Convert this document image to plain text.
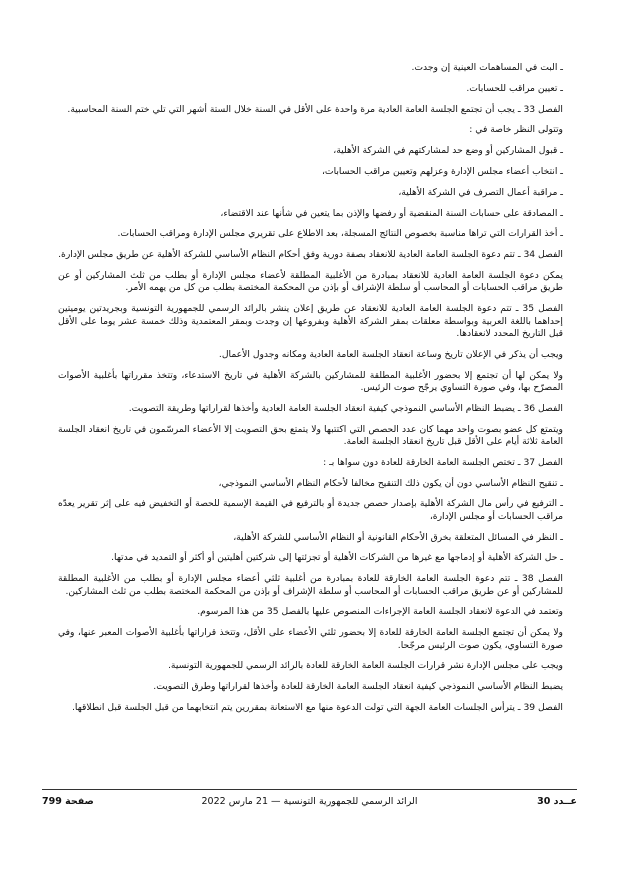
ـ البت في المساهمات العينية إن وجدت.

ـ تعيين مراقب للحسابات.

الفصل 33 ـ يجب أن تجتمع الجلسة العامة العادية مرة واحدة على الأقل في السنة خلال الستة أشهر التي تلي ختم السنة المحاسبية.

وتتولى النظر خاصة في :

ـ قبول المشاركين أو وضع حد لمشاركتهم في الشركة الأهلية،

ـ انتخاب أعضاء مجلس الإدارة وعزلهم وتعيين مراقب الحسابات،

ـ مراقبة أعمال التصرف في الشركة الأهلية،

ـ المصادقة على حسابات السنة المنقضية أو رفضها والإذن بما يتعين في شأنها عند الاقتضاء،

ـ أخذ القرارات التي تراها مناسبة بخصوص النتائج المسجلة، بعد الاطلاع على تقريري مجلس الإدارة ومراقب الحسابات.

الفصل 34 ـ تتم دعوة الجلسة العامة العادية للانعقاد بصفة دورية وفق أحكام النظام الأساسي للشركة الأهلية عن طريق مجلس الإدارة.

يمكن دعوة الجلسة العامة العادية للانعقاد بمبادرة من الأغلبية المطلقة لأعضاء مجلس الإدارة أو بطلب من ثلث المشاركين أو عن طريق مراقب الحسابات أو المحاسب أو سلطة الإشراف أو بإذن من المحكمة المختصة بطلب من كل من يهمه الأمر.

الفصل 35 ـ تتم دعوة الجلسة العامة العادية للانعقاد عن طريق إعلان ينشر بالرائد الرسمي للجمهورية التونسية وبجريدتين يوميتين إحداهما باللغة العربية وبواسطة معلقات بمقر الشركة الأهلية وبفروعها إن وجدت وبمقر المعتمدية وذلك خمسة عشر يوما على الأقل قبل التاريخ المحدد لانعقادها.

ويجب أن يذكر في الإعلان تاريخ وساعة انعقاد الجلسة العامة العادية ومكانه وجدول الأعمال.

ولا يمكن لها أن تجتمع إلا بحضور الأغلبية المطلقة للمشاركين بالشركة الأهلية في تاريخ الاستدعاء، وتتخذ مقرراتها بأغلبية الأصوات المصرّح بها، وفي صورة التساوي يرجّح صوت الرئيس.

الفصل 36 ـ يضبط النظام الأساسي النموذجي كيفية انعقاد الجلسة العامة العادية وأخذها لقراراتها وطريقة التصويت.

ويتمتع كل عضو بصوت واحد مهما كان عدد الحصص التي اكتتبها ولا يتمتع بحق التصويت إلا الأعضاء المرسّمون في تاريخ انعقاد الجلسة العامة ثلاثة أيام على الأقل قبل تاريخ انعقاد الجلسة العامة.

الفصل 37 ـ تختص الجلسة العامة الخارقة للعادة دون سواها بـ :

ـ تنقيح النظام الأساسي دون أن يكون ذلك التنقيح مخالفا لأحكام النظام الأساسي النموذجي،

ـ الترفيع في رأس مال الشركة الأهلية بإصدار حصص جديدة أو بالترفيع في القيمة الإسمية للحصة أو التخفيض فيه على إثر تقرير يعدّه مراقب الحسابات أو مجلس الإدارة،

ـ النظر في المسائل المتعلقة بخرق الأحكام القانونية أو النظام الأساسي للشركة الأهلية،

ـ حل الشركة الأهلية أو إدماجها مع غيرها من الشركات الأهلية أو تجزئتها إلى شركتين أهليتين أو أكثر أو التمديد في مدتها.

الفصل 38 ـ تتم دعوة الجلسة العامة الخارقة للعادة بمبادرة من أغلبية ثلثي أعضاء مجلس الإدارة أو بطلب من الأغلبية المطلقة للمشاركين أو عن طريق مراقب الحسابات أو المحاسب أو سلطة الإشراف أو بإذن من المحكمة المختصة بطلب من ثلث المشاركين.

وتعتمد في الدعوة لانعقاد الجلسة العامة الإجراءات المنصوص عليها بالفصل 35 من هذا المرسوم.

ولا يمكن أن تجتمع الجلسة العامة الخارقة للعادة إلا بحضور ثلثي الأعضاء على الأقل، وتتخذ قراراتها بأغلبية الأصوات المعبر عنها، وفي صورة التساوي، يكون صوت الرئيس مرجّحا.

ويجب على مجلس الإدارة نشر قرارات الجلسة العامة الخارقة للعادة بالرائد الرسمي للجمهورية التونسية.

يضبط النظام الأساسي النموذجي كيفية انعقاد الجلسة العامة الخارقة للعادة وأخذها لقراراتها وطرق التصويت.

الفصل 39 ـ يترأس الجلسات العامة الجهة التي تولت الدعوة منها مع الاستعانة بمقررين يتم انتخابهما من قبل الجلسة قبل انطلاقها.

عــدد 30
الرائد الرسمي للجمهورية التونسية — 21 مارس 2022
صفحة 799
